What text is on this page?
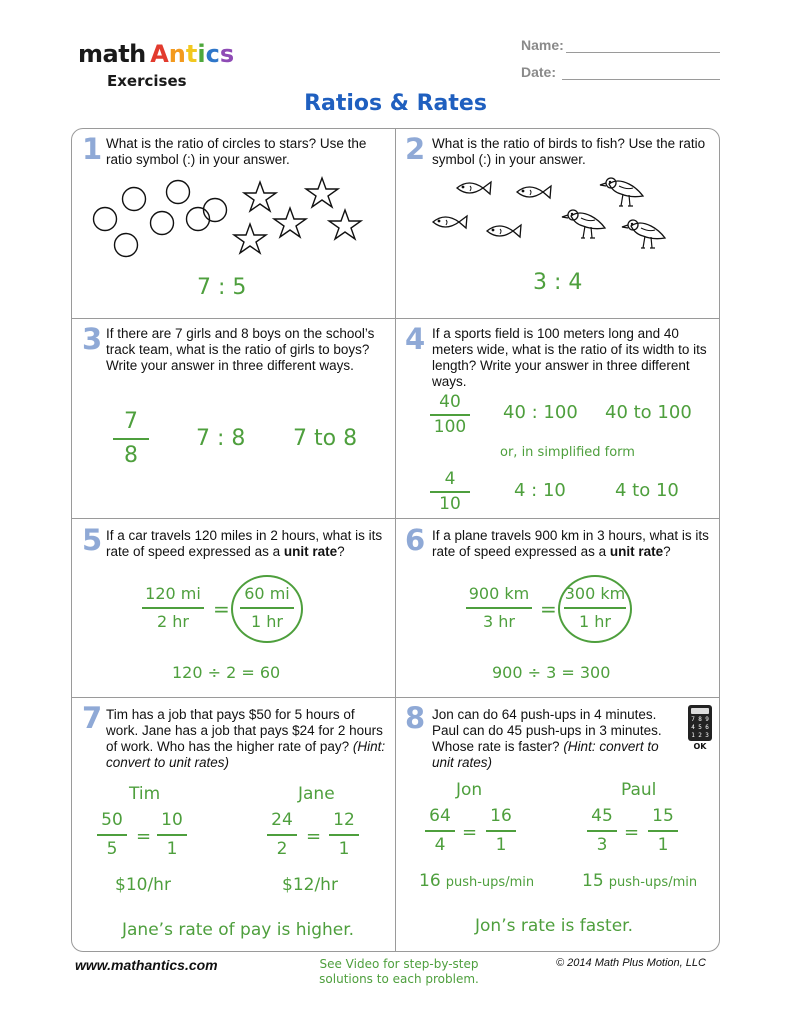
math Antics
Exercises
Name:
Date:
Ratios & Rates
1 What is the ratio of circles to stars? Use the ratio symbol (:) in your answer.
7 : 5
2 What is the ratio of birds to fish? Use the ratio symbol (:) in your answer.
3 : 4
3 If there are 7 girls and 8 boys on the school’s track team, what is the ratio of girls to boys? Write your answer in three different ways.
7
8
7 : 8 7 to 8
4 If a sports field is 100 meters long and 40 meters wide, what is the ratio of its width to its length? Write your answer in three different ways.
40
100
40 : 100 40 to 100
or, in simplified form
4
10
4 : 10	4 to 10
5 If a car travels 120 miles in 2 hours, what is its rate of speed expressed as a unit rate?
120 mi
2 hr
=
60 mi
1 hr
120 ÷ 2 = 60
6 If a plane travels 900 km in 3 hours, what is its rate of speed expressed as a unit rate?
900 km
3 hr
=
300 km
1 hr
900 ÷ 3 = 300
7 Tim has a job that pays $50 for 5 hours of work. Jane has a job that pays $24 for 2 hours of work. Who has the higher rate of pay? (Hint: convert to unit rates)
Tim
50
5
=
10
1
$10/hr
Jane
24
2
=
12
1
$12/hr
Jane’s rate of pay is higher.
8 Jon can do 64 push-ups in 4 minutes. Paul can do 45 push-ups in 3 minutes. Whose rate is faster? (Hint: convert to unit rates)
7 8 9
4 5 6
1 2 3
OK
Jon
64
4
=
16
1
16 push-ups/min
Paul
45
3
=
15
1
15 push-ups/min
Jon’s rate is faster.
www.mathantics.com	See Video for step-by-step
solutions to each problem.
© 2014 Math Plus Motion, LLC
